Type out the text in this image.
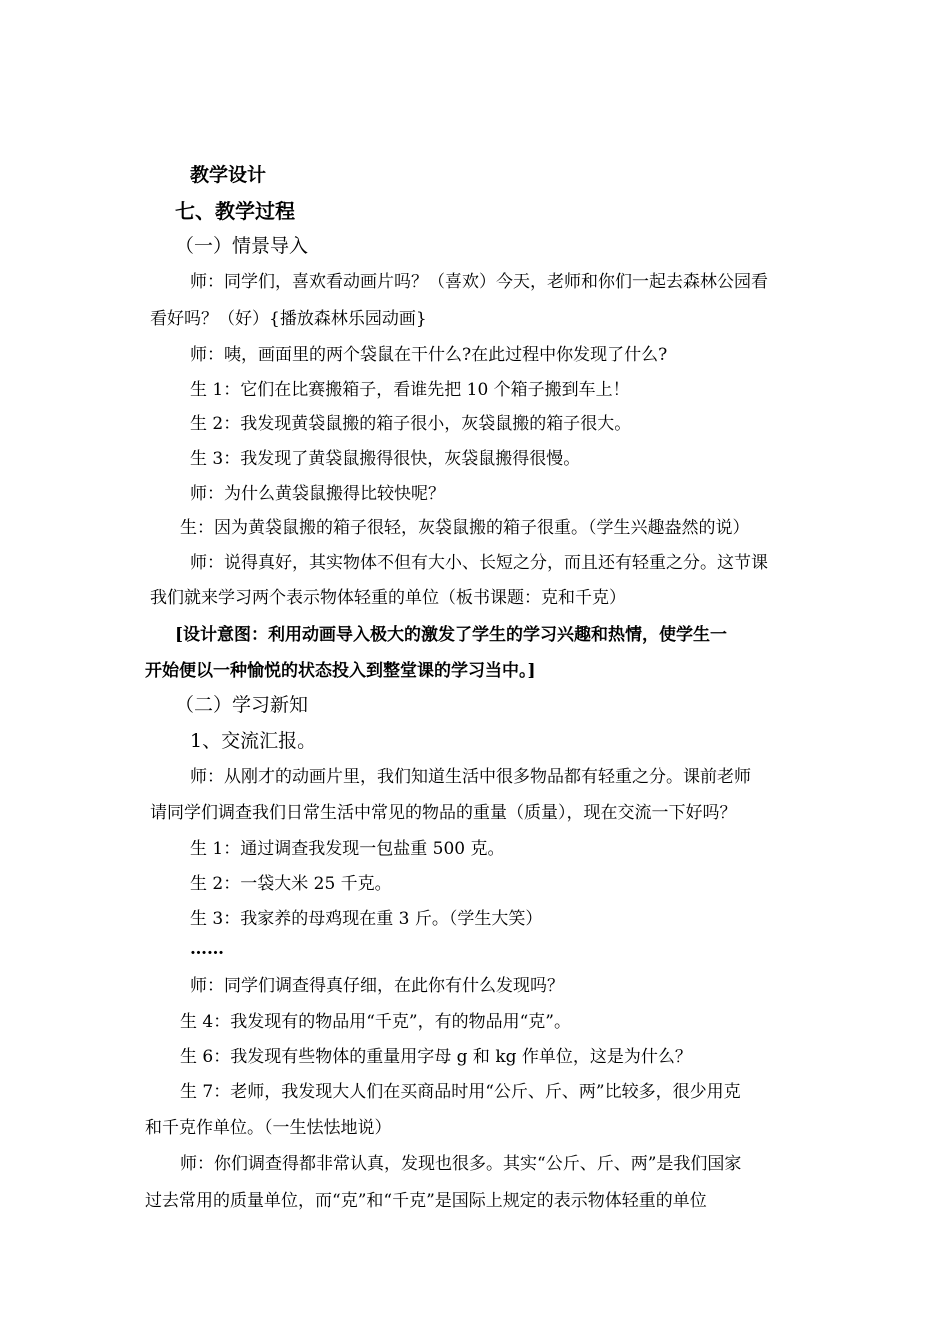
教学设计
七、教学过程
（一）情景导入
师：同学们，喜欢看动画片吗？（喜欢）今天，老师和你们一起去森林公园看
看好吗？（好）{播放森林乐园动画}
师：咦，画面里的两个袋鼠在干什么?在此过程中你发现了什么?
生 1：它们在比赛搬箱子，看谁先把 10 个箱子搬到车上！
生 2：我发现黄袋鼠搬的箱子很小，灰袋鼠搬的箱子很大。
生 3：我发现了黄袋鼠搬得很快，灰袋鼠搬得很慢。
师：为什么黄袋鼠搬得比较快呢？
生：因为黄袋鼠搬的箱子很轻，灰袋鼠搬的箱子很重。（学生兴趣盎然的说）
师：说得真好，其实物体不但有大小、长短之分，而且还有轻重之分。这节课
我们就来学习两个表示物体轻重的单位（板书课题：克和千克）
[设计意图：利用动画导入极大的激发了学生的学习兴趣和热情，使学生一
开始便以一种愉悦的状态投入到整堂课的学习当中。]
（二）学习新知
1、交流汇报。
师：从刚才的动画片里，我们知道生活中很多物品都有轻重之分。课前老师
请同学们调查我们日常生活中常见的物品的重量（质量），现在交流一下好吗？
生 1：通过调查我发现一包盐重 500 克。
生 2：一袋大米 25 千克。
生 3：我家养的母鸡现在重 3 斤。（学生大笑）
……
师：同学们调查得真仔细，在此你有什么发现吗？
生 4：我发现有的物品用“千克”，有的物品用“克”。
生 6：我发现有些物体的重量用字母 g 和 kg 作单位，这是为什么？
生 7：老师，我发现大人们在买商品时用“公斤、斤、两”比较多，很少用克
和千克作单位。（一生怯怯地说）
师：你们调查得都非常认真，发现也很多。其实“公斤、斤、两”是我们国家
过去常用的质量单位，而“克”和“千克”是国际上规定的表示物体轻重的单位
